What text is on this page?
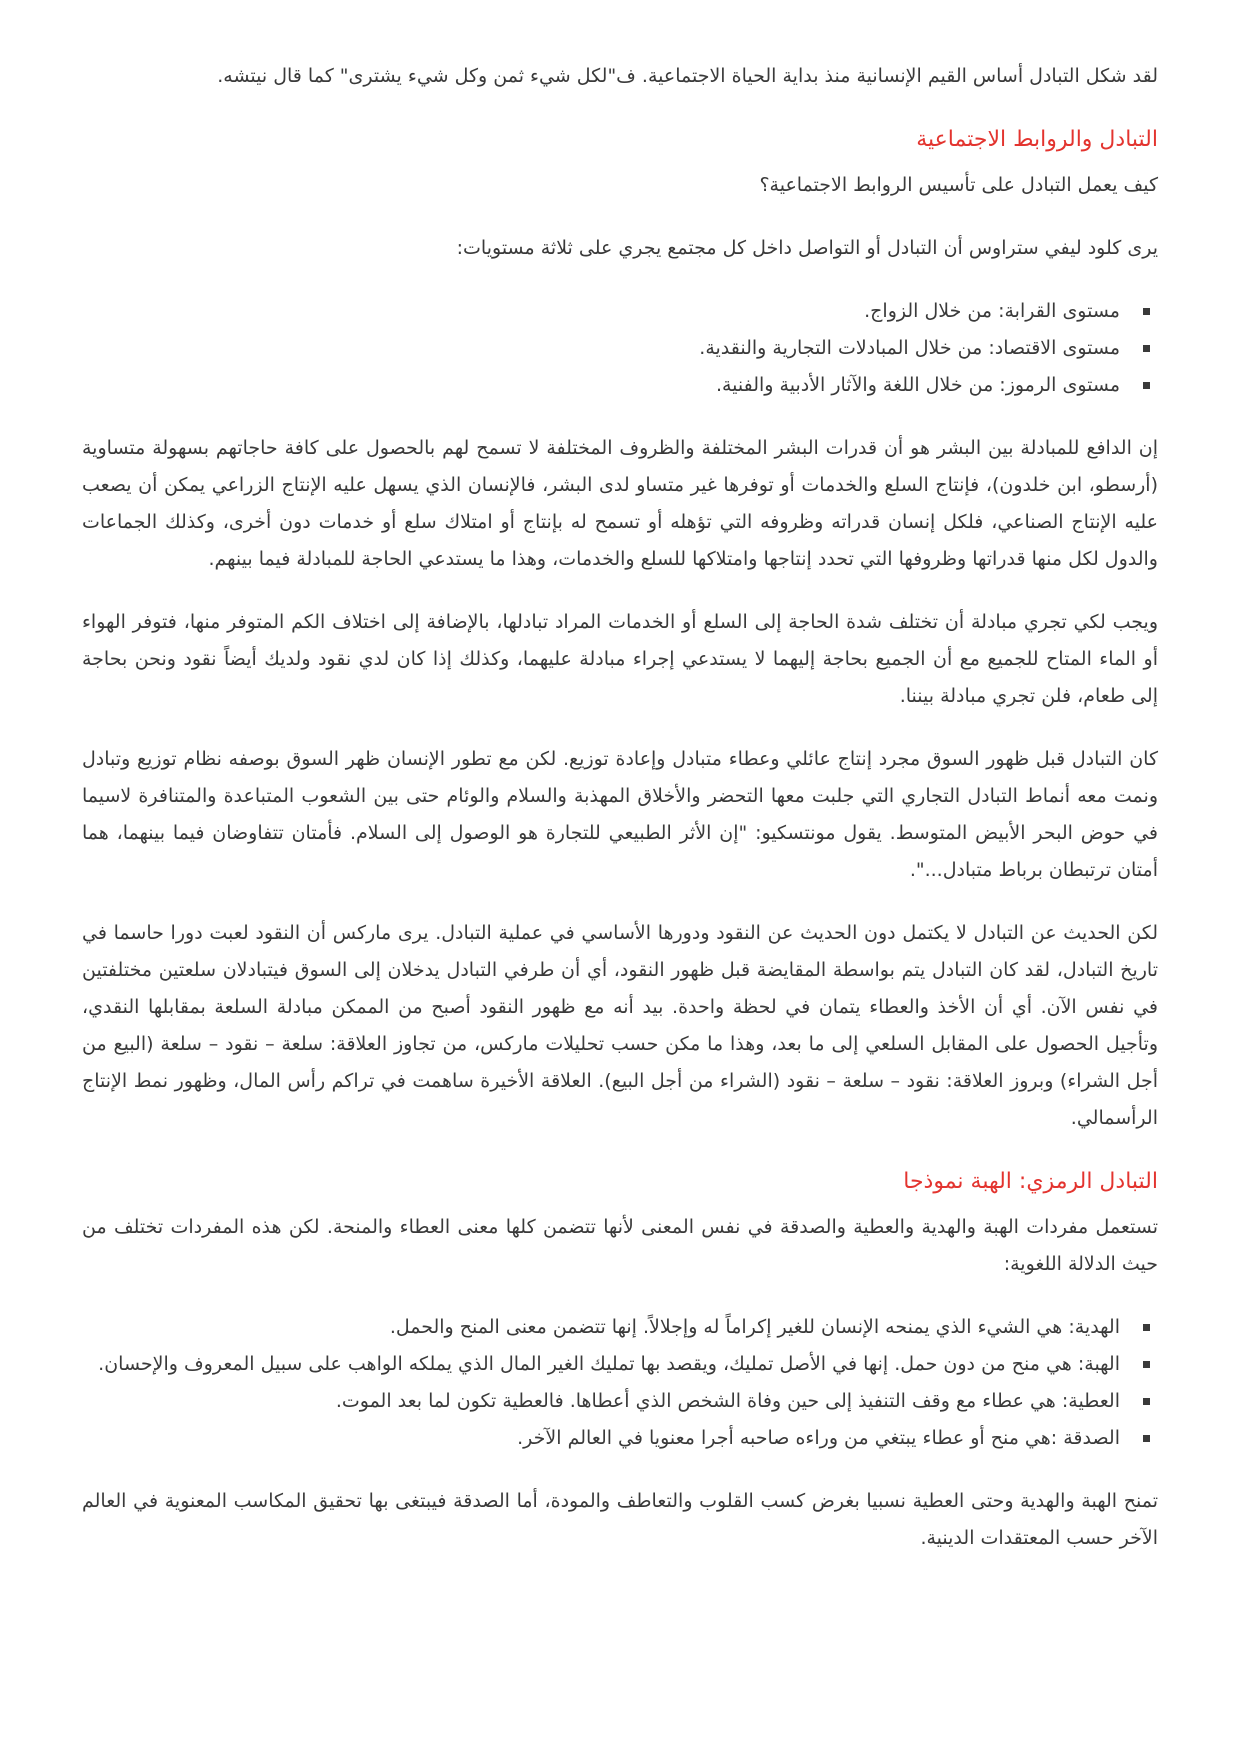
لقد شكل التبادل أساس القيم الإنسانية منذ بداية الحياة الاجتماعية. ف"لكل شيء ثمن وكل شيء يشترى" كما قال نيتشه.

التبادل والروابط الاجتماعية

كيف يعمل التبادل على تأسيس الروابط الاجتماعية؟

يرى كلود ليفي ستراوس أن التبادل أو التواصل داخل كل مجتمع يجري على ثلاثة مستويات:

مستوى القرابة: من خلال الزواج.
مستوى الاقتصاد: من خلال المبادلات التجارية والنقدية.
مستوى الرموز: من خلال اللغة والآثار الأدبية والفنية.

إن الدافع للمبادلة بين البشر هو أن قدرات البشر المختلفة والظروف المختلفة لا تسمح لهم بالحصول على كافة حاجاتهم بسهولة متساوية (أرسطو، ابن خلدون)، فإنتاج السلع والخدمات أو توفرها غير متساو لدى البشر، فالإنسان الذي يسهل عليه الإنتاج الزراعي يمكن أن يصعب عليه الإنتاج الصناعي، فلكل إنسان قدراته وظروفه التي تؤهله أو تسمح له بإنتاج أو امتلاك سلع أو خدمات دون أخرى، وكذلك الجماعات والدول لكل منها قدراتها وظروفها التي تحدد إنتاجها وامتلاكها للسلع والخدمات، وهذا ما يستدعي الحاجة للمبادلة فيما بينهم.

ويجب لكي تجري مبادلة أن تختلف شدة الحاجة إلى السلع أو الخدمات المراد تبادلها، بالإضافة إلى اختلاف الكم المتوفر منها، فتوفر الهواء أو الماء المتاح للجميع مع أن الجميع بحاجة إليهما لا يستدعي إجراء مبادلة عليهما، وكذلك إذا كان لدي نقود ولديك أيضاً نقود ونحن بحاجة إلى طعام، فلن تجري مبادلة بيننا.

كان التبادل قبل ظهور السوق مجرد إنتاج عائلي وعطاء متبادل وإعادة توزيع. لكن مع تطور الإنسان ظهر السوق بوصفه نظام توزيع وتبادل ونمت معه أنماط التبادل التجاري التي جلبت معها التحضر والأخلاق المهذبة والسلام والوئام حتى بين الشعوب المتباعدة والمتنافرة لاسيما في حوض البحر الأبيض المتوسط. يقول مونتسكيو: "إن الأثر الطبيعي للتجارة هو الوصول إلى السلام. فأمتان تتفاوضان فيما بينهما، هما أمتان ترتبطان برباط متبادل...".

لكن الحديث عن التبادل لا يكتمل دون الحديث عن النقود ودورها الأساسي في عملية التبادل. يرى ماركس أن النقود لعبت دورا حاسما في تاريخ التبادل، لقد كان التبادل يتم بواسطة المقايضة قبل ظهور النقود، أي أن طرفي التبادل يدخلان إلى السوق فيتبادلان سلعتين مختلفتين في نفس الآن. أي أن الأخذ والعطاء يتمان في لحظة واحدة. بيد أنه مع ظهور النقود أصبح من الممكن مبادلة السلعة بمقابلها النقدي، وتأجيل الحصول على المقابل السلعي إلى ما بعد، وهذا ما مكن حسب تحليلات ماركس، من تجاوز العلاقة: سلعة – نقود – سلعة (البيع من أجل الشراء) وبروز العلاقة: نقود – سلعة – نقود (الشراء من أجل البيع). العلاقة الأخيرة ساهمت في تراكم رأس المال، وظهور نمط الإنتاج الرأسمالي.

التبادل الرمزي: الهبة نموذجا

تستعمل مفردات الهبة والهدية والعطية والصدقة في نفس المعنى لأنها تتضمن كلها معنى العطاء والمنحة. لكن هذه المفردات تختلف من حيث الدلالة اللغوية:

الهدية: هي الشيء الذي يمنحه الإنسان للغير إكراماً له وإجلالاً. إنها تتضمن معنى المنح والحمل.
الهبة: هي منح من دون حمل. إنها في الأصل تمليك، ويقصد بها تمليك الغير المال الذي يملكه الواهب على سبيل المعروف والإحسان.
العطية: هي عطاء مع وقف التنفيذ إلى حين وفاة الشخص الذي أعطاها. فالعطية تكون لما بعد الموت.
الصدقة :هي منح أو عطاء يبتغي من وراءه صاحبه أجرا معنويا في العالم الآخر.

تمنح الهبة والهدية وحتى العطية نسبيا بغرض كسب القلوب والتعاطف والمودة، أما الصدقة فيبتغى بها تحقيق المكاسب المعنوية في العالم الآخر حسب المعتقدات الدينية.
